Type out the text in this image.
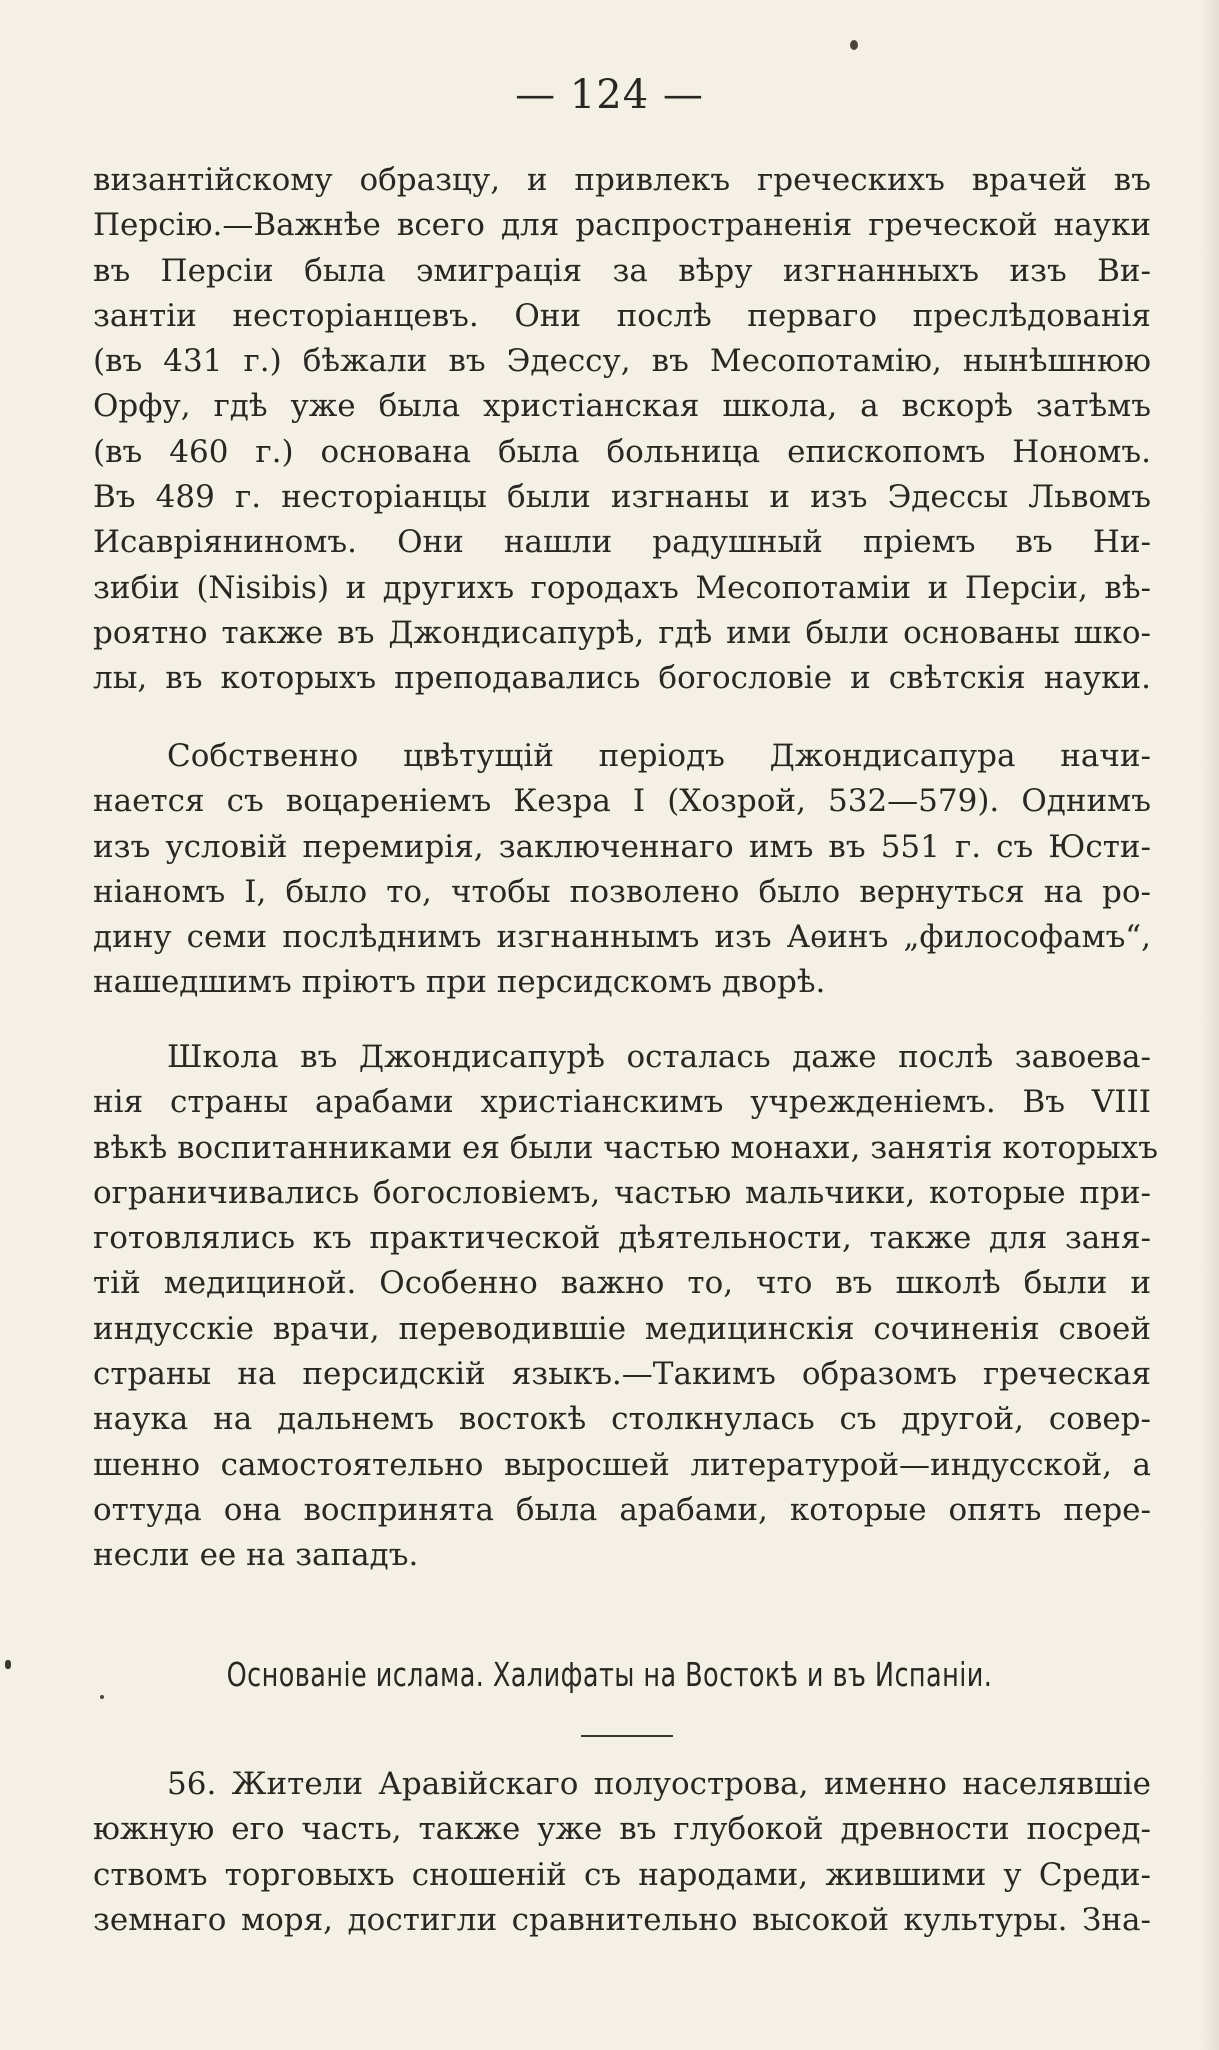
— 124 —
византійскому образцу, и привлекъ греческихъ врачей въ
Персію.—Важнѣе всего для распространенія греческой науки
въ Персіи была эмиграція за вѣру изгнанныхъ изъ Ви-
зантіи несторіанцевъ. Они послѣ перваго преслѣдованія
(въ 431 г.) бѣжали въ Эдессу, въ Месопотамію, нынѣшнюю
Орфу, гдѣ уже была христіанская школа, а вскорѣ затѣмъ
(въ 460 г.) основана была больница епископомъ Нономъ.
Въ 489 г. несторіанцы были изгнаны и изъ Эдессы Львомъ
Исавріяниномъ. Они нашли радушный пріемъ въ Ни-
зибіи (Nisibis) и другихъ городахъ Месопотаміи и Персіи, вѣ-
роятно также въ Джондисапурѣ, гдѣ ими были основаны шко-
лы, въ которыхъ преподавались богословіе и свѣтскія науки.
Собственно цвѣтущій періодъ Джондисапура начи-
нается съ воцареніемъ Кезра I (Хозрой, 532—579). Однимъ
изъ условій перемирія, заключеннаго имъ въ 551 г. съ Юсти-
ніаномъ I, было то, чтобы позволено было вернуться на ро-
дину семи послѣднимъ изгнаннымъ изъ Аѳинъ „философамъ“,
нашедшимъ пріютъ при персидскомъ дворѣ.
Школа въ Джондисапурѣ осталась даже послѣ завоева-
нія страны арабами христіанскимъ учрежденіемъ. Въ VIII
вѣкѣ воспитанниками ея были частью монахи, занятія которыхъ
ограничивались богословіемъ, частью мальчики, которые при-
готовлялись къ практической дѣятельности, также для заня-
тій медициной. Особенно важно то, что въ школѣ были и
индусскіе врачи, переводившіе медицинскія сочиненія своей
страны на персидскій языкъ.—Такимъ образомъ греческая
наука на дальнемъ востокѣ столкнулась съ другой, совер-
шенно самостоятельно выросшей литературой—индусской, а
оттуда она воспринята была арабами, которые опять пере-
несли ее на западъ.
Основаніе ислама. Халифаты на Востокѣ и въ Испаніи.
56. Жители Аравійскаго полуострова, именно населявшіе
южную его часть, также уже въ глубокой древности посред-
ствомъ торговыхъ сношеній съ народами, жившими у Среди-
земнаго моря, достигли сравнительно высокой культуры. Зна-
